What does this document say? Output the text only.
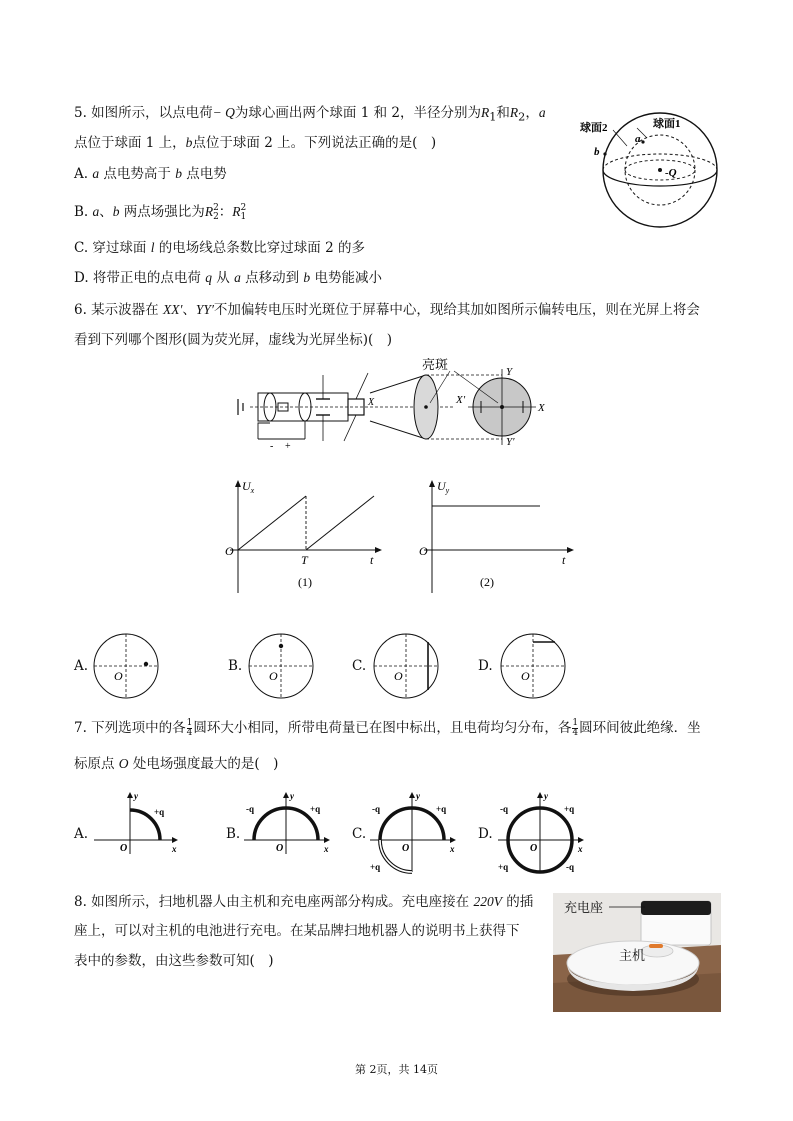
5. 如图所示，以点电荷− Q为球心画出两个球面 1 和 2，半径分别为$R_1$和$R_2$，a
点位于球面 1 上，b点位于球面 2 上。下列说法正确的是(　)
A. a 点电势高于 b 点电势
B. a、b 两点场强比为R 2
2 ：R 2
1
C. 穿过球面 l 的电场线总条数比穿过球面 2 的多
D. 将带正电的点电荷 q 从 a 点移动到 b 电势能减小
球面2	球面1
a
b
-Q
6. 某示波器在 XX′、YY′不加偏转电压时光斑位于屏幕中心，现给其加如图所示偏转电压，则在光屏上将会
看到下列哪个图形(圆为荧光屏，虚线为光屏坐标)(　)
- +
X
亮斑	Y
X
X′
Y′
$U_x$
O
T	t
(1)
$U_y$
O
t
(2)
A.
O
B.
O
C.
O
D.
O
7. 下列选项中的各 $\frac{1}{4}$ 圆环大小相同，所带电荷量已在图中标出，且电荷均匀分布，各 $\frac{1}{4}$ 圆环间彼此绝缘．坐
标原点 O 处电场强度最大的是(　)
A.
y
x
O
+q
B.
y
x
O
-q	+q
C.
y
x
O
-q	+q
+q
D.
y
x
O
-q	+q
+q	-q
8. 如图所示，扫地机器人由主机和充电座两部分构成。充电座接在 220V 的插
座上，可以对主机的电池进行充电。在某品牌扫地机器人的说明书上获得下
表中的参数，由这些参数可知(　)
充电座
主机
第 2页，共 14页
